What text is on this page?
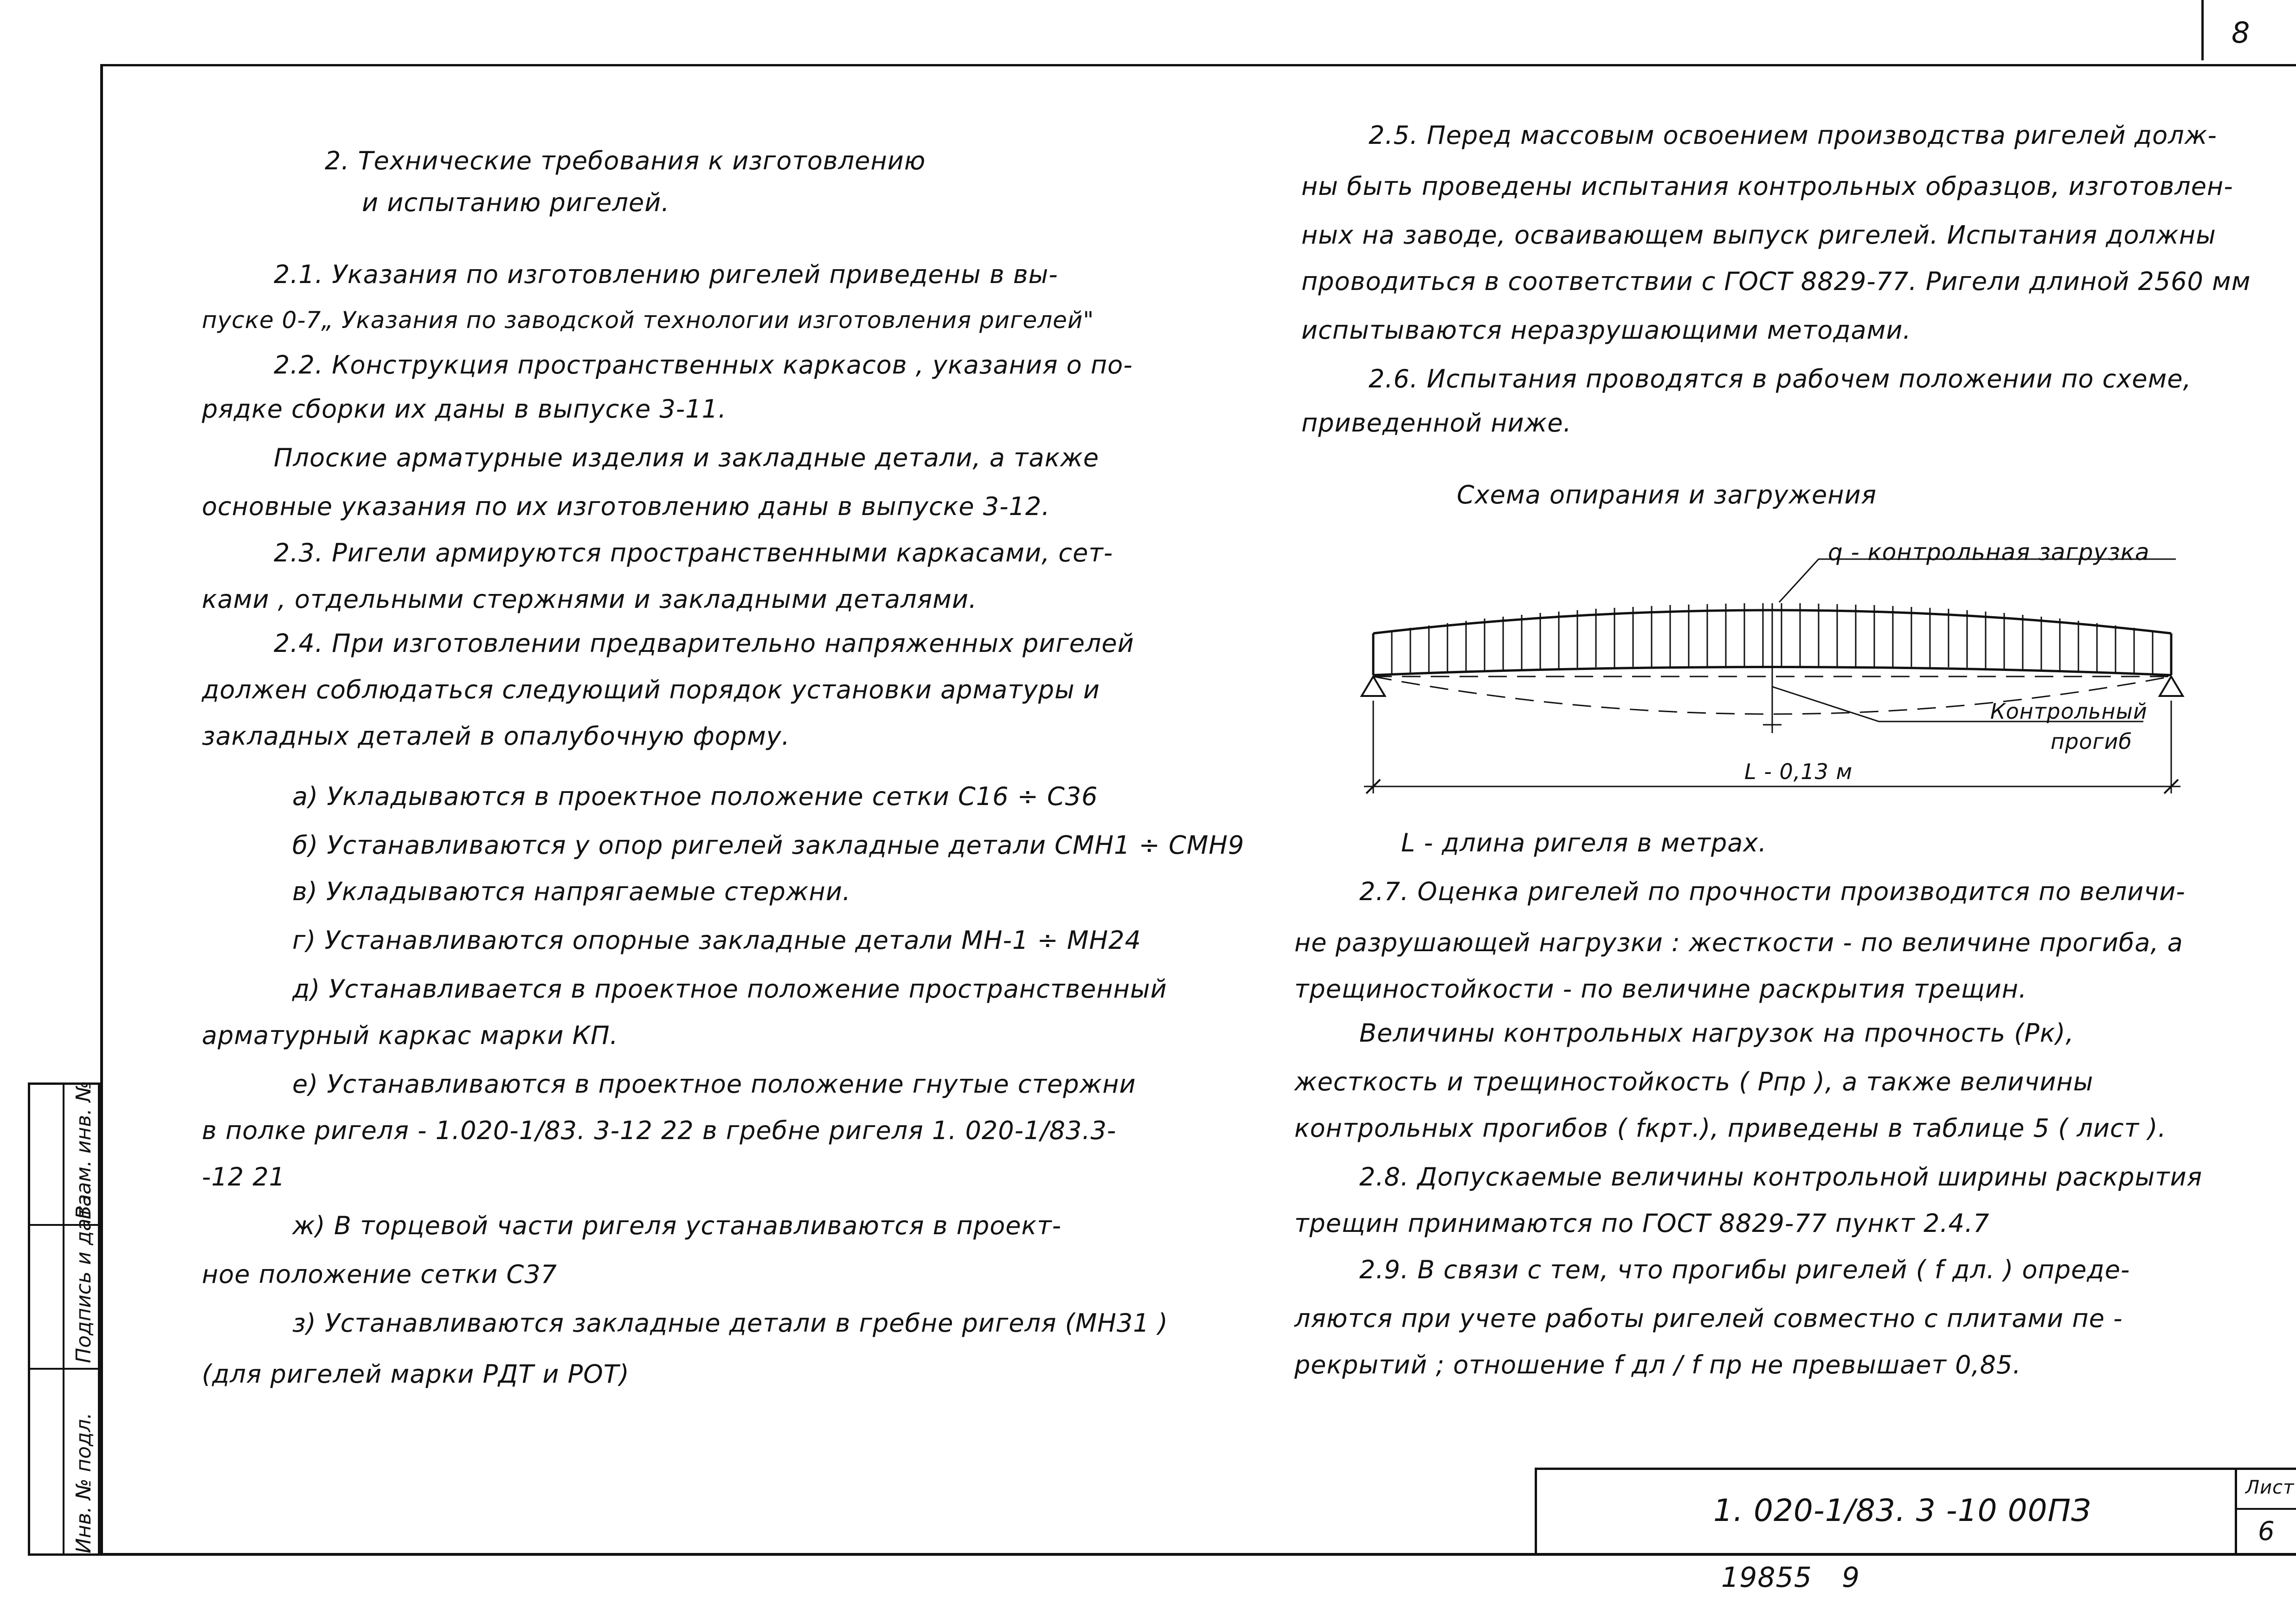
8
2. Технические требования к изготовлению
и испытанию ригелей.
2.1. Указания по изготовлению ригелей приведены в вы-
пуске 0-7„ Указания по заводской технологии изготовления ригелей"
2.2. Конструкция пространственных каркасов , указания о по-
рядке сборки их даны в выпуске 3-11.
Плоские арматурные изделия и закладные детали, а также
основные указания по их изготовлению даны в выпуске 3-12.
2.3. Ригели армируются пространственными каркасами, сет-
ками , отдельными стержнями и закладными деталями.
2.4. При изготовлении предварительно напряженных ригелей
должен соблюдаться следующий порядок установки арматуры и
закладных деталей в опалубочную форму.
а) Укладываются в проектное положение сетки С16 ÷ С36
б) Устанавливаются у опор ригелей закладные детали СМН1 ÷ СМН9
в) Укладываются напрягаемые стержни.
г) Устанавливаются опорные закладные детали МН-1 ÷ МН24
д) Устанавливается в проектное положение пространственный
арматурный каркас марки КП.
е) Устанавливаются в проектное положение гнутые стержни
в полке ригеля - 1.020-1/83. 3-12 22 в гребне ригеля 1. 020-1/83.3-
-12 21
ж) В торцевой части ригеля устанавливаются в проект-
ное положение сетки С37
з) Устанавливаются закладные детали в гребне ригеля (МН31 )
(для ригелей марки РДТ и РОТ)
2.5. Перед массовым освоением производства ригелей долж-
ны быть проведены испытания контрольных образцов, изготовлен-
ных на заводе, осваивающем выпуск ригелей. Испытания должны
проводиться в соответствии с ГОСТ 8829-77. Ригели длиной 2560 мм
испытываются неразрушающими методами.
2.6. Испытания проводятся в рабочем положении по схеме,
приведенной ниже.
Схема опирания и загружения
q - контрольная загрузка
Контрольный
прогиб
L - 0,13 м
L - длина ригеля в метрах.
2.7. Оценка ригелей по прочности производится по величи-
не разрушающей нагрузки : жесткости - по величине прогиба, а
трещиностойкости - по величине раскрытия трещин.
Величины контрольных нагрузок на прочность (Рк),
жесткость и трещиностойкость ( Рпр ), а также величины
контрольных прогибов ( fкрт.), приведены в таблице 5 ( лист ).
2.8. Допускаемые величины контрольной ширины раскрытия
трещин принимаются по ГОСТ 8829-77 пункт 2.4.7
2.9. В связи с тем, что прогибы ригелей ( f дл. ) опреде-
ляются при учете работы ригелей совместно с плитами пе -
рекрытий ; отношение f дл / f пр не превышает 0,85.
Инв. № подл.
Подпись и дата
Взам. инв. №
1. 020-1/83. 3 -10 00ПЗ
Лист
6
19855 9
